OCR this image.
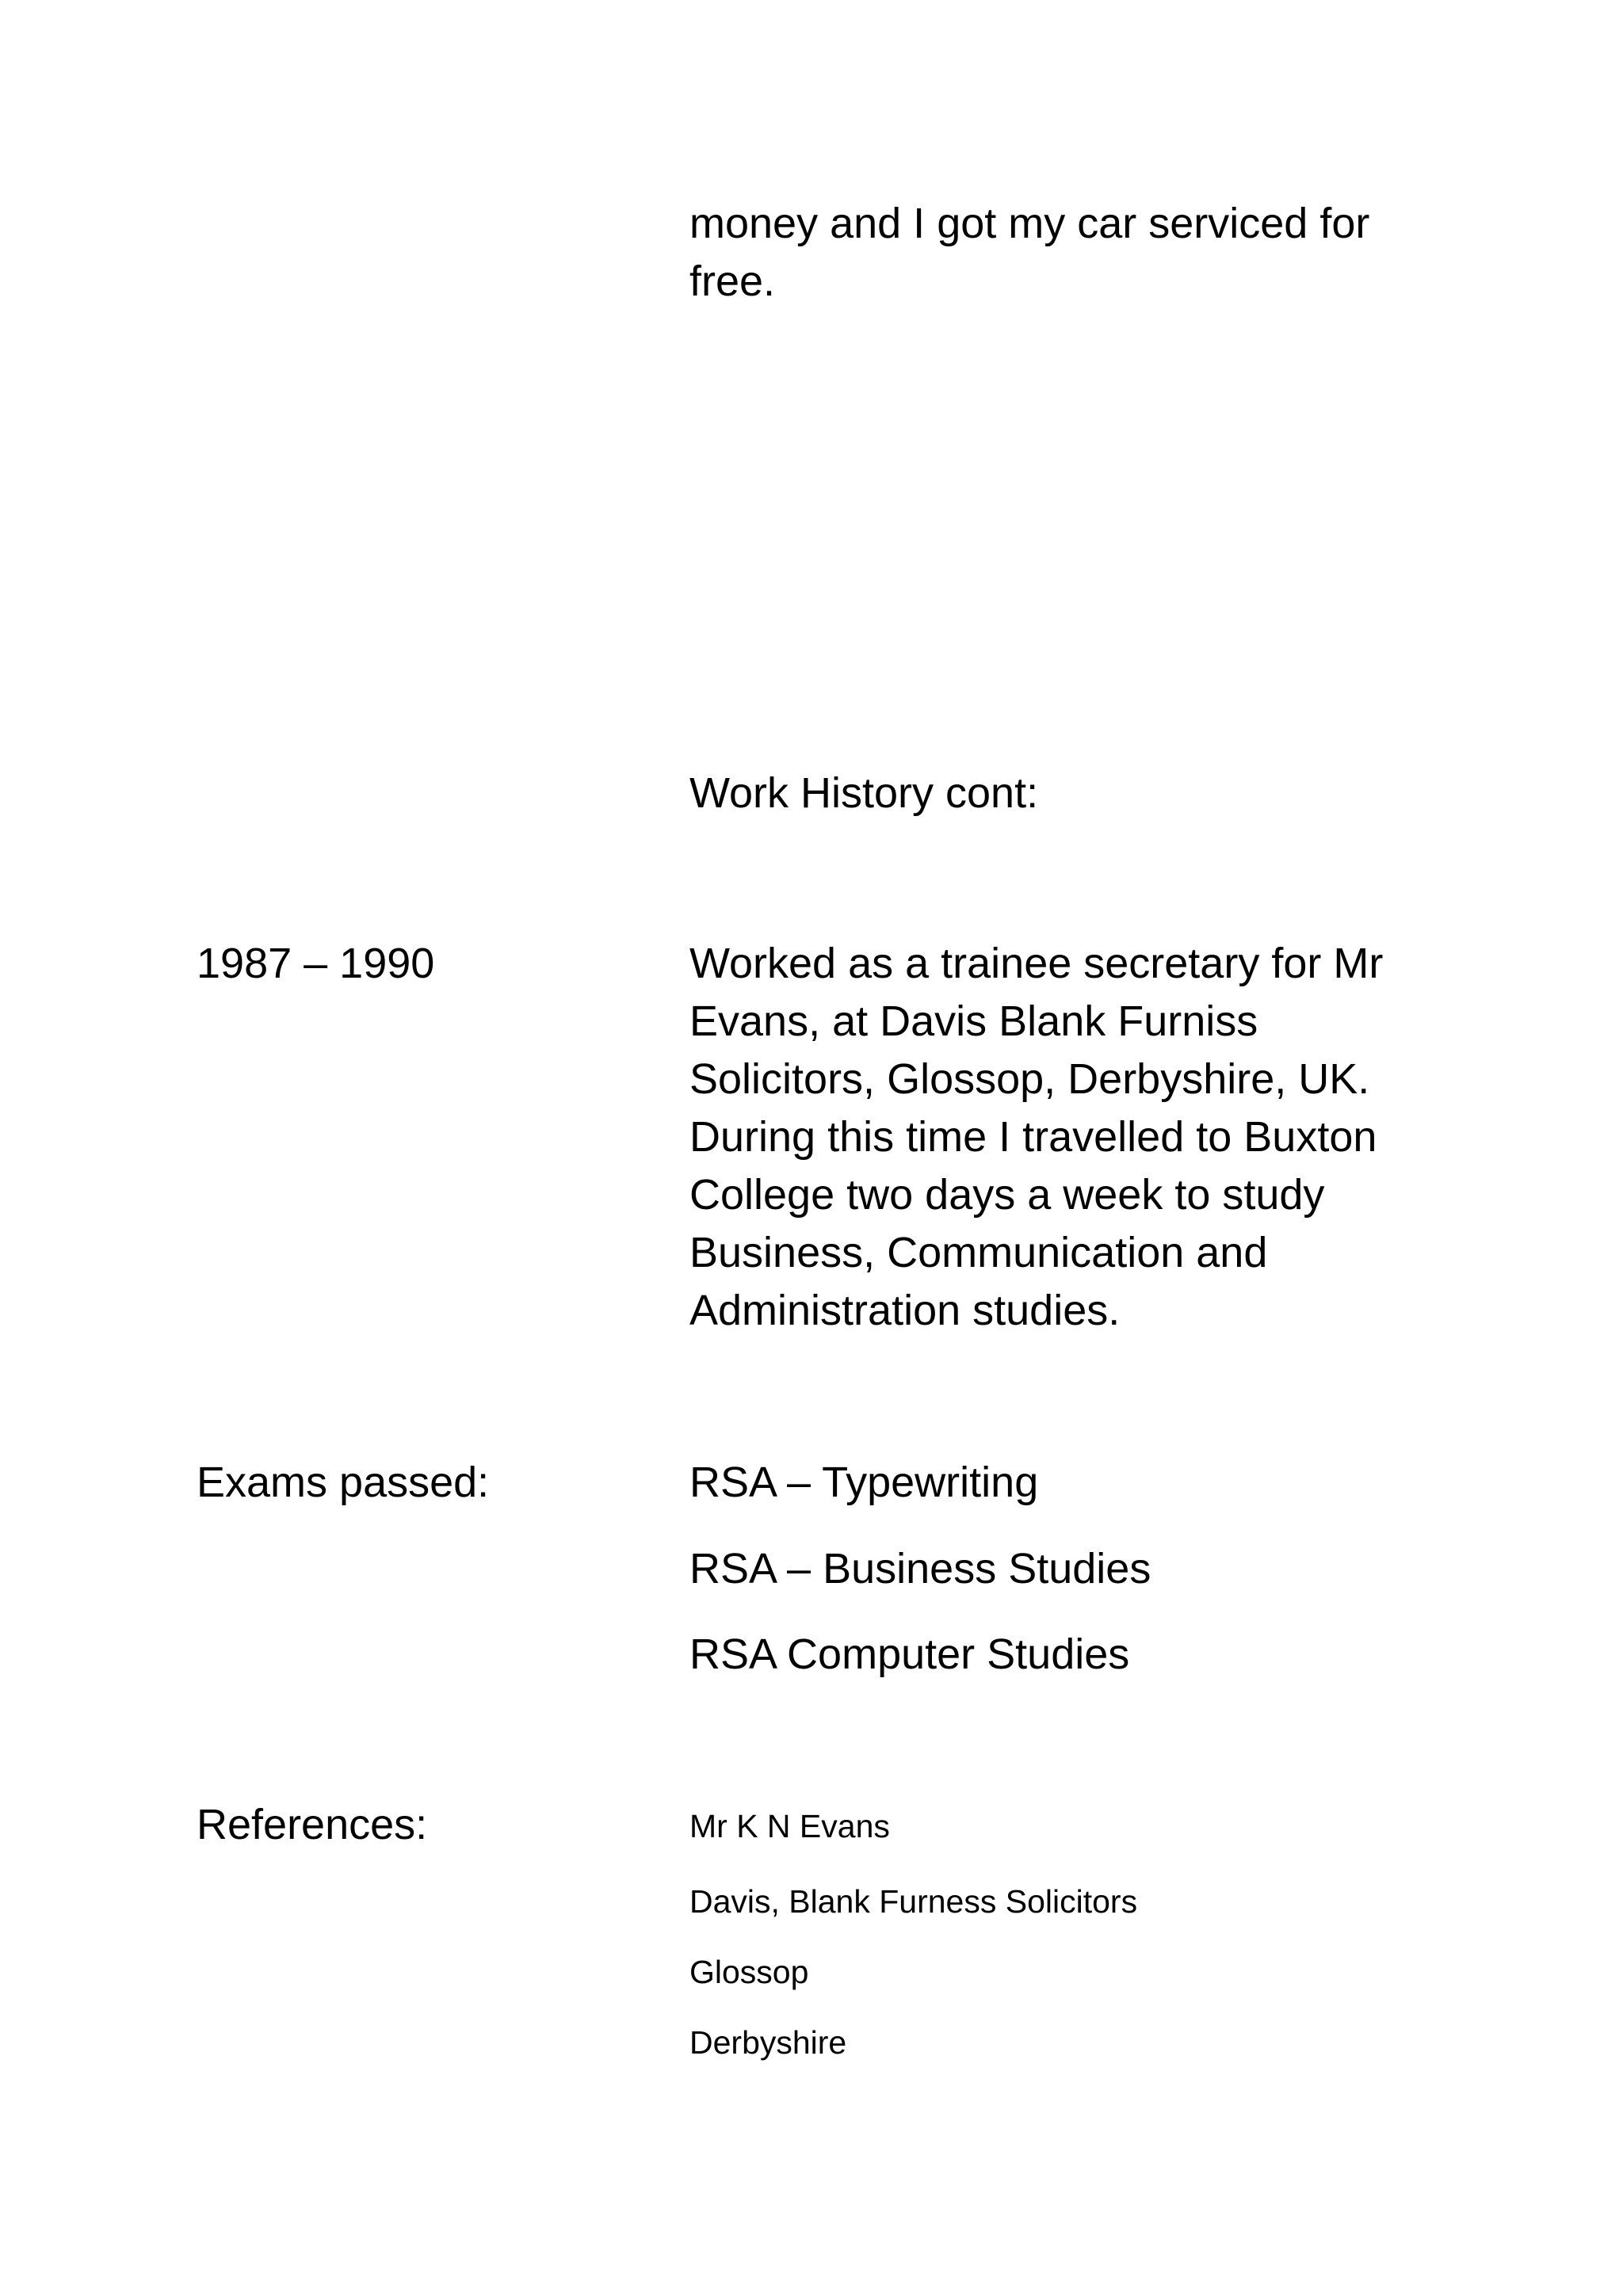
money and I got my car serviced for
free.
Work History cont:
1987 – 1990	Worked as a trainee secretary for Mr
Evans, at Davis Blank Furniss
Solicitors, Glossop, Derbyshire, UK.
During this time I travelled to Buxton
College two days a week to study
Business, Communication and
Administration studies.
Exams passed:	RSA – Typewriting
RSA – Business Studies
RSA Computer Studies
References:	Mr K N Evans
Davis, Blank Furness Solicitors
Glossop
Derbyshire
